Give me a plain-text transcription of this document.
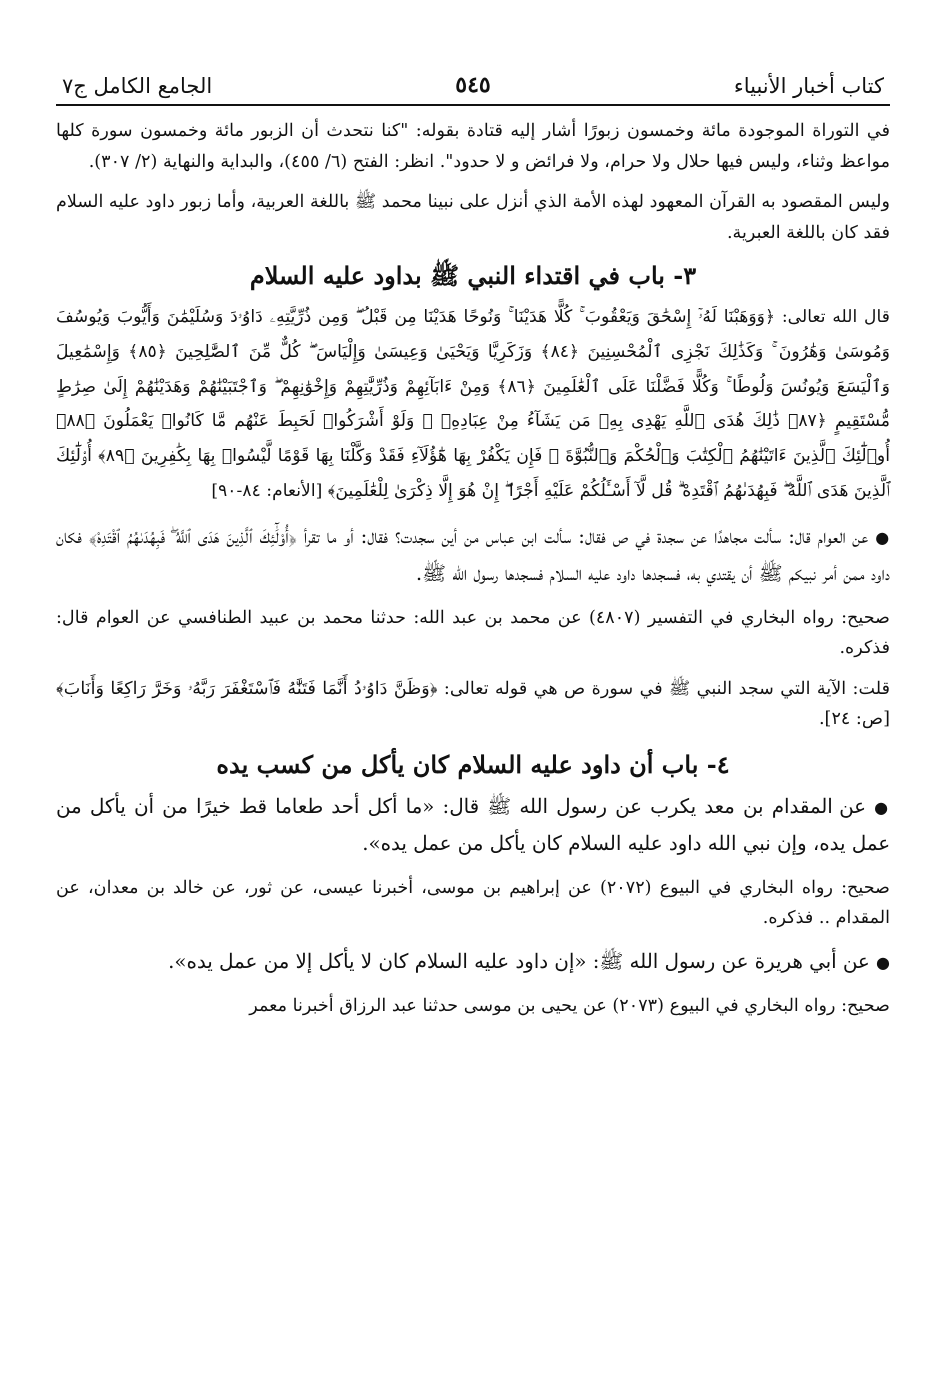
كتاب أخبار الأنبياء
٥٤٥
الجامع الكامل ج٧

في التوراة الموجودة مائة وخمسون زبورًا أشار إليه قتادة بقوله: "كنا نتحدث أن الزبور مائة وخمسون سورة كلها مواعظ وثناء، وليس فيها حلال ولا حرام، ولا فرائض و لا حدود". انظر: الفتح (٦/ ٤٥٥)، والبداية والنهاية (٢/ ٣٠٧).

وليس المقصود به القرآن المعهود لهذه الأمة الذي أنزل على نبينا محمد ﷺ باللغة العربية، وأما زبور داود عليه السلام فقد كان باللغة العبرية.

٣- باب في اقتداء النبي ﷺ بداود عليه السلام

قال الله تعالى: ﴿وَوَهَبْنَا لَهُۥٓ إِسْحَٰقَ وَيَعْقُوبَ ۚ كُلًّا هَدَيْنَا ۚ وَنُوحًا هَدَيْنَا مِن قَبْلُ ۖ وَمِن ذُرِّيَّتِهِۦ دَاوُۥدَ وَسُلَيْمَٰنَ وَأَيُّوبَ وَيُوسُفَ وَمُوسَىٰ وَهَٰرُونَ ۚ وَكَذَٰلِكَ نَجْزِى ٱلْمُحْسِنِينَ ﴿٨٤﴾ وَزَكَرِيَّا وَيَحْيَىٰ وَعِيسَىٰ وَإِلْيَاسَ ۖ كُلٌّ مِّنَ ٱلصَّٰلِحِينَ ﴿٨٥﴾ وَإِسْمَٰعِيلَ وَٱلْيَسَعَ وَيُونُسَ وَلُوطًا ۚ وَكُلًّا فَضَّلْنَا عَلَى ٱلْعَٰلَمِينَ ﴿٨٦﴾ وَمِنْ ءَابَآئِهِمْ وَذُرِّيَّٰتِهِمْ وَإِخْوَٰنِهِمْ ۖ وَٱجْتَبَيْنَٰهُمْ وَهَدَيْنَٰهُمْ إِلَىٰ صِرَٰطٍ مُّسْتَقِيمٍ ﴿٨٧﴾ ذَٰلِكَ هُدَى ٱللَّهِ يَهْدِى بِهِۦ مَن يَشَآءُ مِنْ عِبَادِهِۦ ۚ وَلَوْ أَشْرَكُوا۟ لَحَبِطَ عَنْهُم مَّا كَانُوا۟ يَعْمَلُونَ ﴿٨٨﴾ أُو۟لَٰٓئِكَ ٱلَّذِينَ ءَاتَيْنَٰهُمُ ٱلْكِتَٰبَ وَٱلْحُكْمَ وَٱلنُّبُوَّةَ ۚ فَإِن يَكْفُرْ بِهَا هَٰٓؤُلَآءِ فَقَدْ وَكَّلْنَا بِهَا قَوْمًا لَّيْسُوا۟ بِهَا بِكَٰفِرِينَ ﴿٨٩﴾ أُو۟لَٰٓئِكَ ٱلَّذِينَ هَدَى ٱللَّهُ ۖ فَبِهُدَىٰهُمُ ٱقْتَدِهْ ۗ قُل لَّآ أَسْـَٔلُكُمْ عَلَيْهِ أَجْرًا ۖ إِنْ هُوَ إِلَّا ذِكْرَىٰ لِلْعَٰلَمِينَ﴾ [الأنعام: ٨٤-٩٠]

● عن العوام قال: سألت مجاهدًا عن سجدة في ص فقال: سألت ابن عباس من أين سجدت؟ فقال: أو ما تقرأ ﴿أُو۟لَٰٓئِكَ ٱلَّذِينَ هَدَى ٱللَّهُ ۖ فَبِهُدَىٰهُمُ ٱقْتَدِهْ﴾ فكان داود ممن أمر نبيكم ﷺ أن يقتدي به، فسجدها داود عليه السلام فسجدها رسول الله ﷺ.

صحيح: رواه البخاري في التفسير (٤٨٠٧) عن محمد بن عبد الله: حدثنا محمد بن عبيد الطنافسي عن العوام قال: فذكره.

قلت: الآية التي سجد النبي ﷺ في سورة ص هي قوله تعالى: ﴿وَظَنَّ دَاوُۥدُ أَنَّمَا فَتَنَّٰهُ فَٱسْتَغْفَرَ رَبَّهُۥ وَخَرَّ رَاكِعًا وَأَنَابَ﴾ [ص: ٢٤].

٤- باب أن داود عليه السلام كان يأكل من كسب يده

● عن المقدام بن معد يكرب عن رسول الله ﷺ قال: «ما أكل أحد طعاما قط خيرًا من أن يأكل من عمل يده، وإن نبي الله داود عليه السلام كان يأكل من عمل يده».

صحيح: رواه البخاري في البيوع (٢٠٧٢) عن إبراهيم بن موسى، أخبرنا عيسى، عن ثور، عن خالد بن معدان، عن المقدام .. فذكره.

● عن أبي هريرة عن رسول الله ﷺ: «إن داود عليه السلام كان لا يأكل إلا من عمل يده».

صحيح: رواه البخاري في البيوع (٢٠٧٣) عن يحيى بن موسى حدثنا عبد الرزاق أخبرنا معمر
